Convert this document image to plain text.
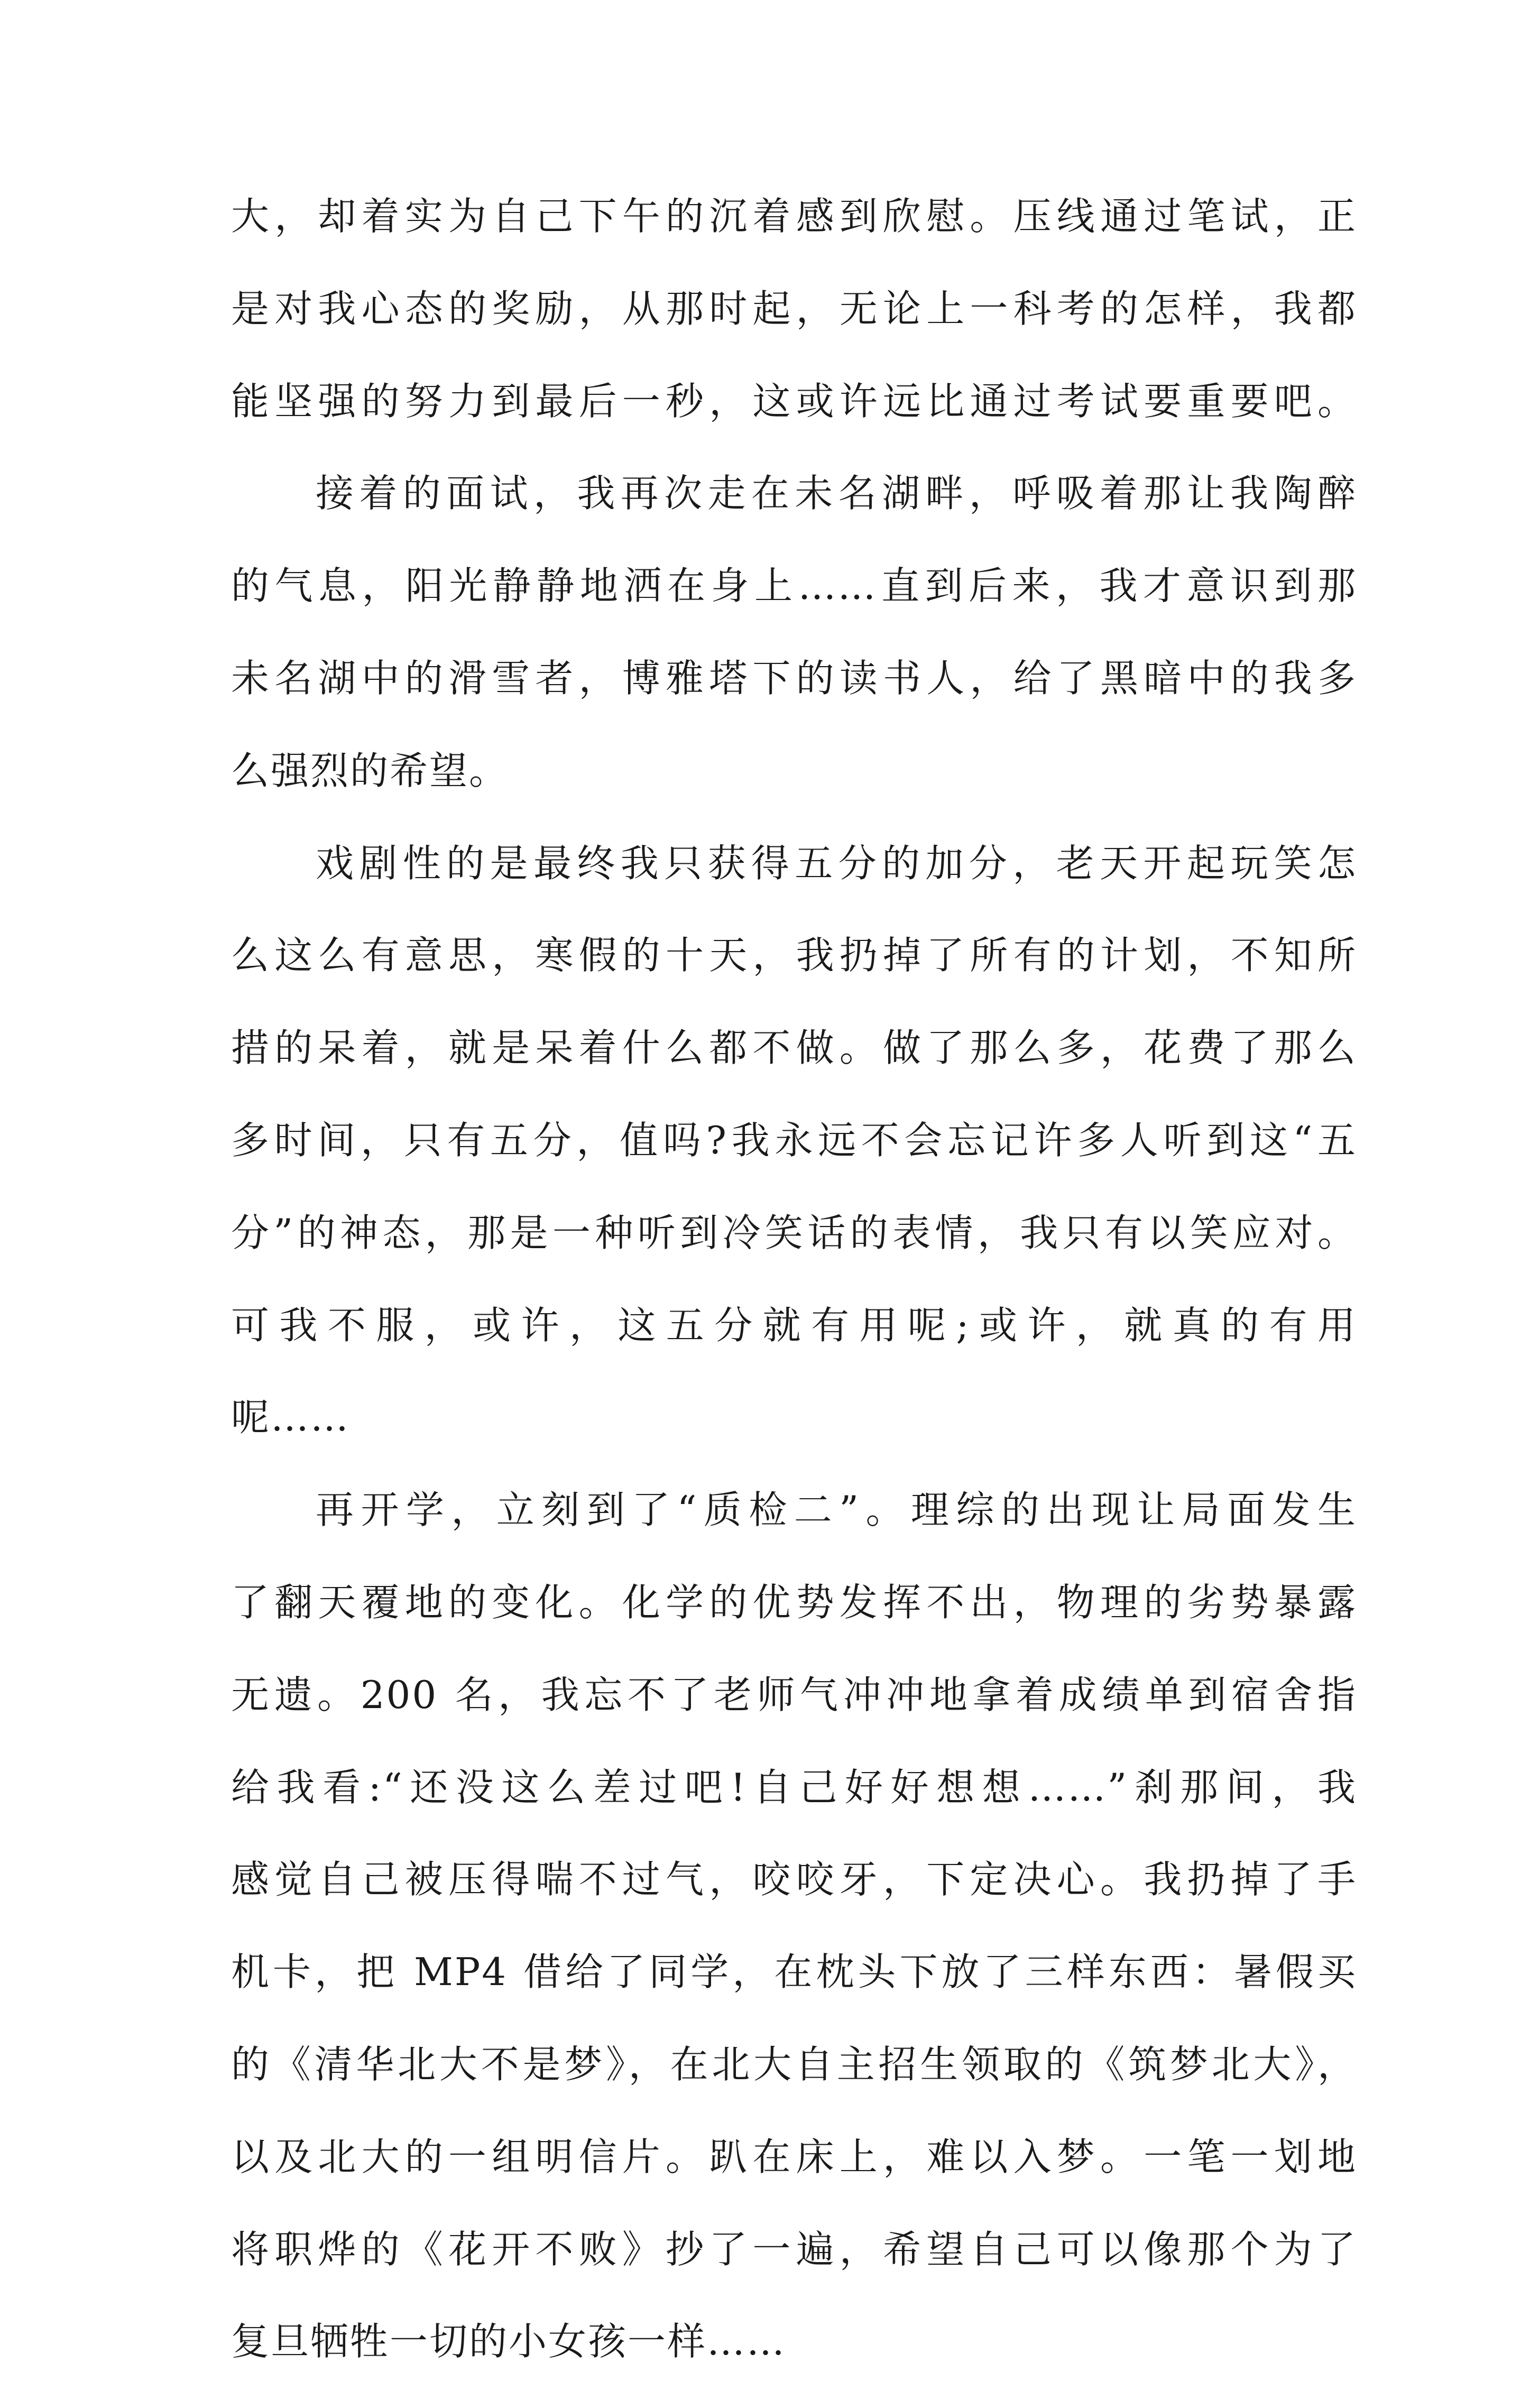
大，却着实为自己下午的沉着感到欣慰。压线通过笔试，正
是对我心态的奖励，从那时起，无论上一科考的怎样，我都
能坚强的努力到最后一秒，这或许远比通过考试要重要吧。
接着的面试，我再次走在未名湖畔，呼吸着那让我陶醉
的气息，阳光静静地洒在身上……直到后来，我才意识到那
未名湖中的滑雪者，博雅塔下的读书人，给了黑暗中的我多
么强烈的希望。
戏剧性的是最终我只获得五分的加分，老天开起玩笑怎
么这么有意思，寒假的十天，我扔掉了所有的计划，不知所
措的呆着，就是呆着什么都不做。做了那么多，花费了那么
多时间，只有五分，值吗?我永远不会忘记许多人听到这“五
分”的神态，那是一种听到冷笑话的表情，我只有以笑应对。
可我不服，或许，这五分就有用呢;或许，就真的有用
呢……
再开学，立刻到了“质检二”。理综的出现让局面发生
了翻天覆地的变化。化学的优势发挥不出，物理的劣势暴露
无遗。200 名，我忘不了老师气冲冲地拿着成绩单到宿舍指
给我看:“还没这么差过吧!自己好好想想……”刹那间，我
感觉自己被压得喘不过气，咬咬牙，下定决心。我扔掉了手
机卡，把 MP4 借给了同学，在枕头下放了三样东西：暑假买
的《清华北大不是梦》，在北大自主招生领取的《筑梦北大》，
以及北大的一组明信片。趴在床上，难以入梦。一笔一划地
将职烨的《花开不败》抄了一遍，希望自己可以像那个为了
复旦牺牲一切的小女孩一样……
